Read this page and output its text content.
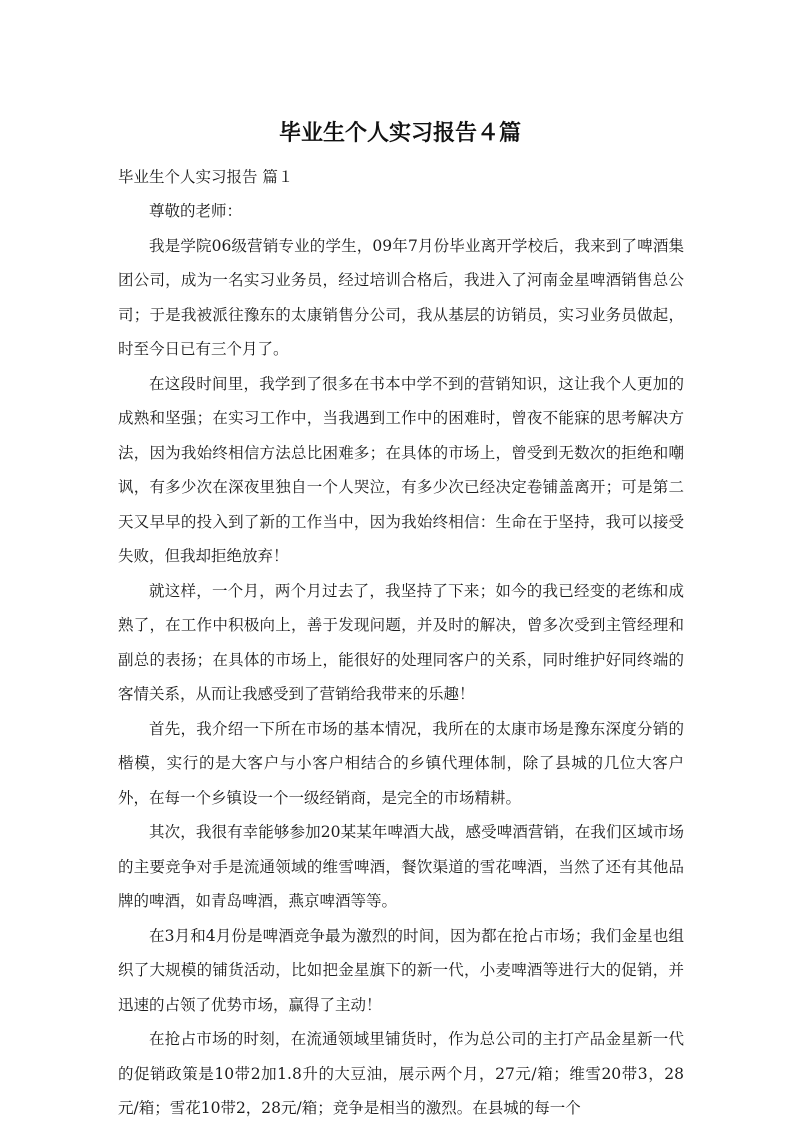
毕业生个人实习报告４篇

毕业生个人实习报告 篇１

尊敬的老师：

我是学院06级营销专业的学生，09年7月份毕业离开学校后，我来到了啤酒集团公司，成为一名实习业务员，经过培训合格后，我进入了河南金星啤酒销售总公司；于是我被派往豫东的太康销售分公司，我从基层的访销员，实习业务员做起，时至今日已有三个月了。

在这段时间里，我学到了很多在书本中学不到的营销知识，这让我个人更加的成熟和坚强；在实习工作中，当我遇到工作中的困难时，曾夜不能寐的思考解决方法，因为我始终相信方法总比困难多；在具体的市场上，曾受到无数次的拒绝和嘲讽，有多少次在深夜里独自一个人哭泣，有多少次已经决定卷铺盖离开；可是第二天又早早的投入到了新的工作当中，因为我始终相信：生命在于坚持，我可以接受失败，但我却拒绝放弃！

就这样，一个月，两个月过去了，我坚持了下来；如今的我已经变的老练和成熟了，在工作中积极向上，善于发现问题，并及时的解决，曾多次受到主管经理和副总的表扬；在具体的市场上，能很好的处理同客户的关系，同时维护好同终端的客情关系，从而让我感受到了营销给我带来的乐趣！

首先，我介绍一下所在市场的基本情况，我所在的太康市场是豫东深度分销的楷模，实行的是大客户与小客户相结合的乡镇代理体制，除了县城的几位大客户外，在每一个乡镇设一个一级经销商，是完全的市场精耕。

其次，我很有幸能够参加20某某年啤酒大战，感受啤酒营销，在我们区域市场的主要竞争对手是流通领域的维雪啤酒，餐饮渠道的雪花啤酒，当然了还有其他品牌的啤酒，如青岛啤酒，燕京啤酒等等。

在3月和4月份是啤酒竞争最为激烈的时间，因为都在抢占市场；我们金星也组织了大规模的铺货活动，比如把金星旗下的新一代，小麦啤酒等进行大的促销，并迅速的占领了优势市场，赢得了主动！

在抢占市场的时刻，在流通领域里铺货时，作为总公司的主打产品金星新一代的促销政策是10带2加1.8升的大豆油，展示两个月，27元/箱；维雪20带3，28元/箱；雪花10带2，28元/箱；竞争是相当的激烈。在县城的每一个
